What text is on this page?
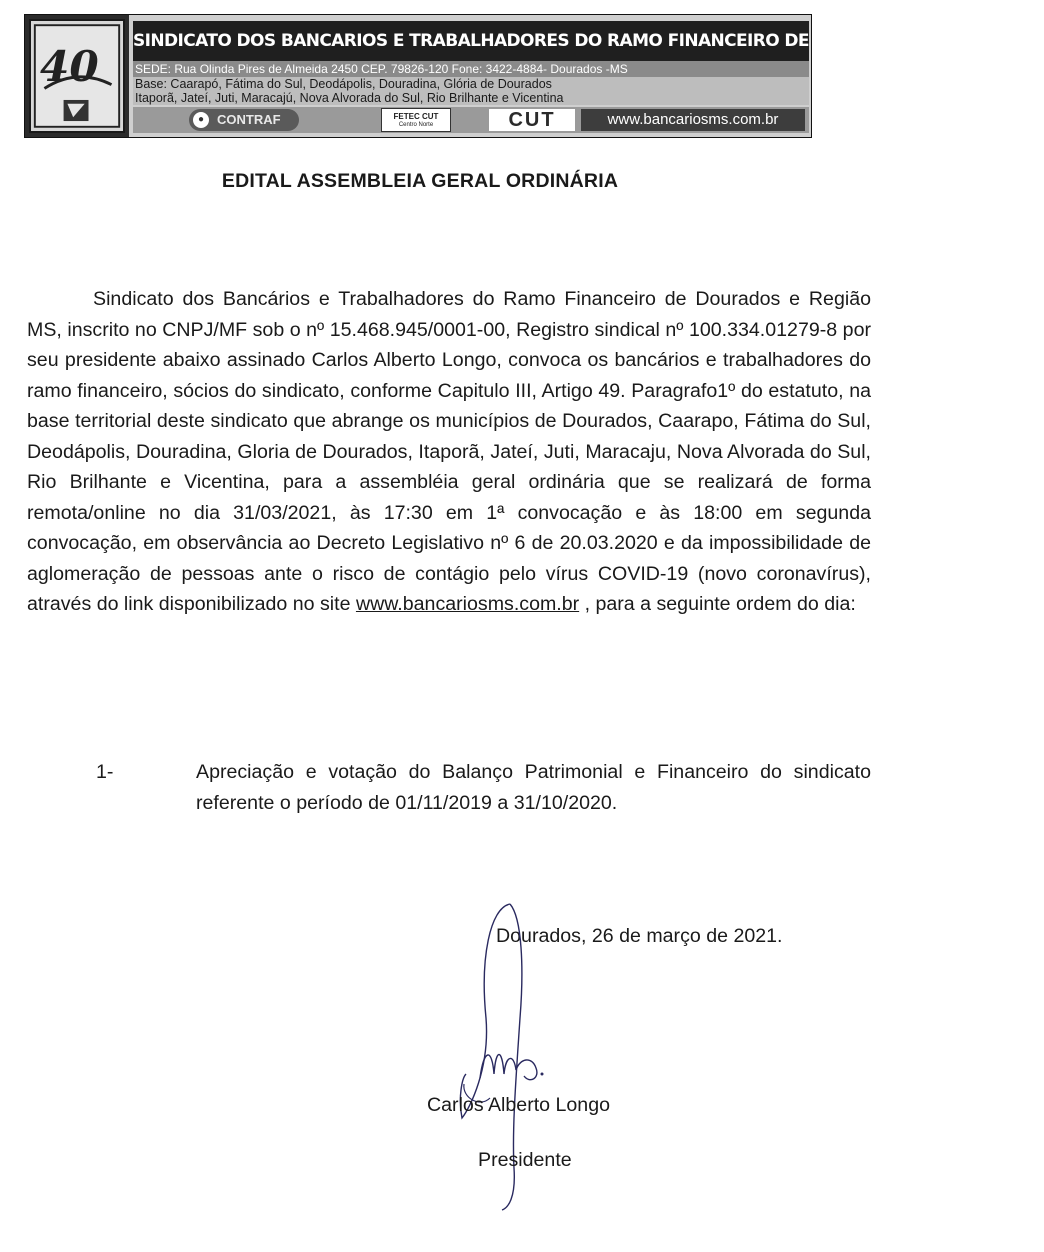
40 SINDICATO DOS BANCARIOS E TRABALHADORES DO RAMO FINANCEIRO DE DOURADOS E REGIAO-MS
SEDE: Rua Olinda Pires de Almeida 2450 CEP. 79826-120 Fone: 3422-4884- Dourados -MS
Base: Caarapó, Fátima do Sul, Deodápolis, Douradina, Glória de Dourados
Itaporã, Jateí, Juti, Maracajú, Nova Alvorada do Sul, Rio Brilhante e Vicentina
● CONTRAF	FETEC CUT
Centro Norte	CUT	www.bancariosms.com.br
EDITAL ASSEMBLEIA GERAL ORDINÁRIA

Sindicato dos Bancários e Trabalhadores do Ramo Financeiro de Dourados e Região MS, inscrito no CNPJ/MF sob o nº 15.468.945/0001-00, Registro sindical nº 100.334.01279-8 por seu presidente abaixo assinado Carlos Alberto Longo, convoca os bancários e trabalhadores do ramo financeiro, sócios do sindicato, conforme Capitulo III, Artigo 49. Paragrafo1º do estatuto, na base territorial deste sindicato que abrange os municípios de Dourados, Caarapo, Fátima do Sul, Deodápolis, Douradina, Gloria de Dourados, Itaporã, Jateí, Juti, Maracaju, Nova Alvorada do Sul, Rio Brilhante e Vicentina, para a assembléia geral ordinária que se realizará de forma remota/online no dia 31/03/2021, às 17:30 em 1ª convocação e às 18:00 em segunda convocação, em observância ao Decreto Legislativo nº 6 de 20.03.2020 e da impossibilidade de aglomeração de pessoas ante o risco de contágio pelo vírus COVID-19 (novo coronavírus), através do link disponibilizado no site www.bancariosms.com.br , para a seguinte ordem do dia:

1-	Apreciação e votação do Balanço Patrimonial e Financeiro do sindicato referente o período de 01/11/2019 a 31/10/2020.

Dourados, 26 de março de 2021.
Carlos Alberto Longo
Presidente
